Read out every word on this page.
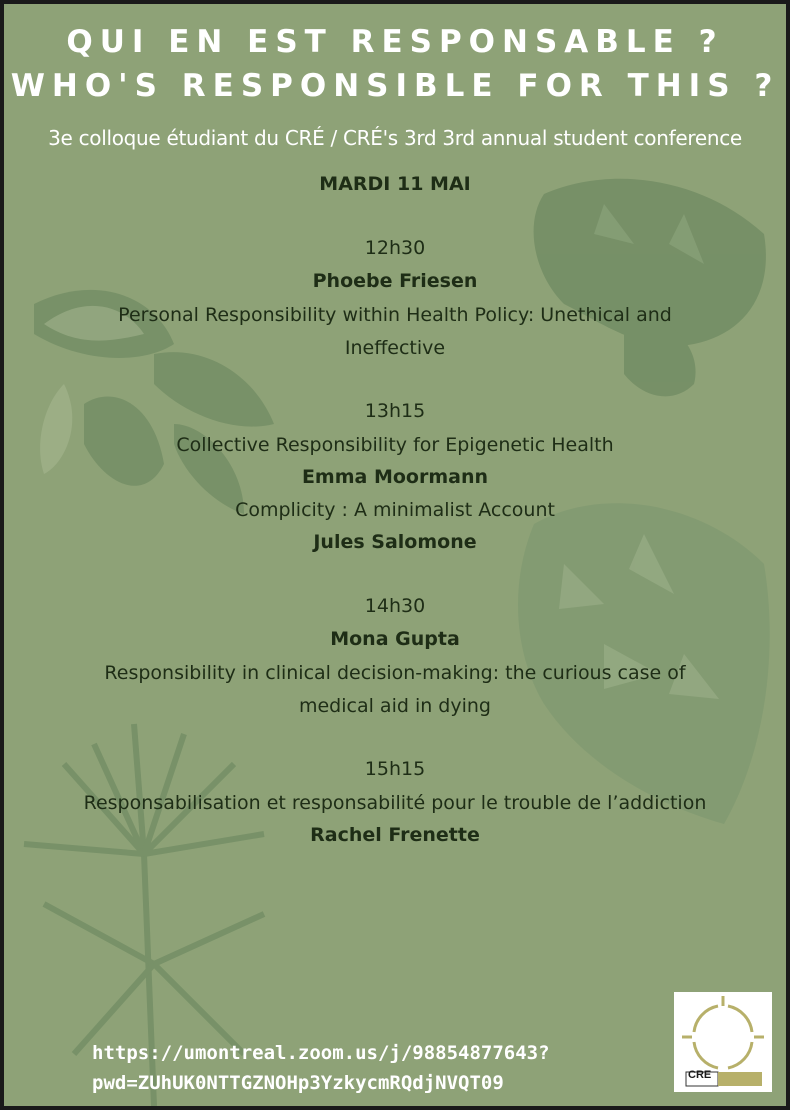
QUI EN EST RESPONSABLE ?
WHO'S RESPONSIBLE FOR THIS ?
3e colloque étudiant du CRÉ / CRÉ's 3rd 3rd annual student conference
MARDI 11 MAI
12h30
Phoebe Friesen
Personal Responsibility within Health Policy: Unethical and
Ineffective
13h15
Collective Responsibility for Epigenetic Health
Emma Moormann
Complicity : A minimalist Account
Jules Salomone
14h30
Mona Gupta
Responsibility in clinical decision-making: the curious case of
medical aid in dying
15h15
Responsabilisation et responsabilité pour le trouble de l’addiction
Rachel Frenette
https://umontreal.zoom.us/j/98854877643?
pwd=ZUhUK0NTTGZNOHp3YzkycmRQdjNVQT09	CRE
